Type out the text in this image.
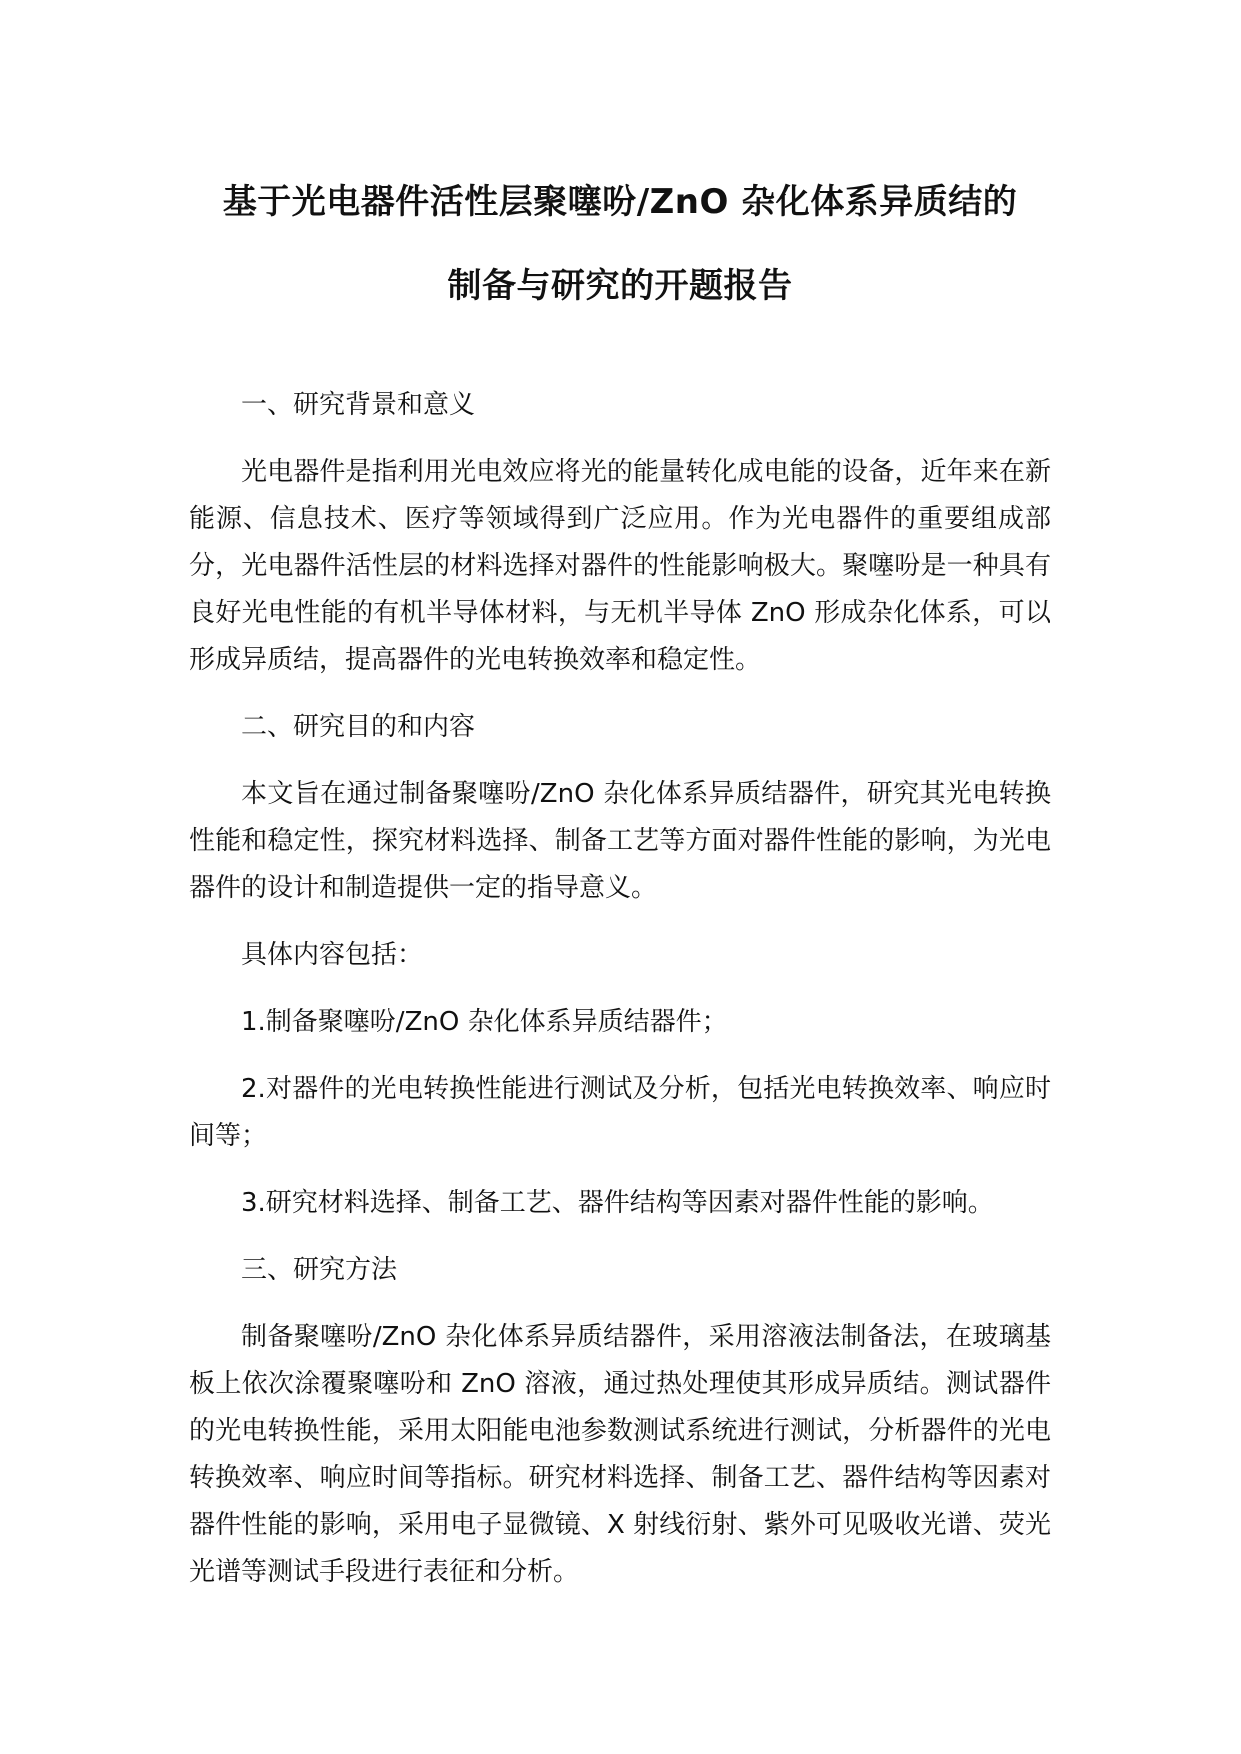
基于光电器件活性层聚噻吩/ZnO 杂化体系异质结的
制备与研究的开题报告

一、研究背景和意义

光电器件是指利用光电效应将光的能量转化成电能的设备，近年来在新能源、信息技术、医疗等领域得到广泛应用。作为光电器件的重要组成部分，光电器件活性层的材料选择对器件的性能影响极大。聚噻吩是一种具有良好光电性能的有机半导体材料，与无机半导体 ZnO 形成杂化体系，可以形成异质结，提高器件的光电转换效率和稳定性。

二、研究目的和内容

本文旨在通过制备聚噻吩/ZnO 杂化体系异质结器件，研究其光电转换性能和稳定性，探究材料选择、制备工艺等方面对器件性能的影响，为光电器件的设计和制造提供一定的指导意义。

具体内容包括：

1.制备聚噻吩/ZnO 杂化体系异质结器件；

2.对器件的光电转换性能进行测试及分析，包括光电转换效率、响应时间等；

3.研究材料选择、制备工艺、器件结构等因素对器件性能的影响。

三、研究方法

制备聚噻吩/ZnO 杂化体系异质结器件，采用溶液法制备法，在玻璃基板上依次涂覆聚噻吩和 ZnO 溶液，通过热处理使其形成异质结。测试器件的光电转换性能，采用太阳能电池参数测试系统进行测试，分析器件的光电转换效率、响应时间等指标。研究材料选择、制备工艺、器件结构等因素对器件性能的影响，采用电子显微镜、X 射线衍射、紫外可见吸收光谱、荧光光谱等测试手段进行表征和分析。
